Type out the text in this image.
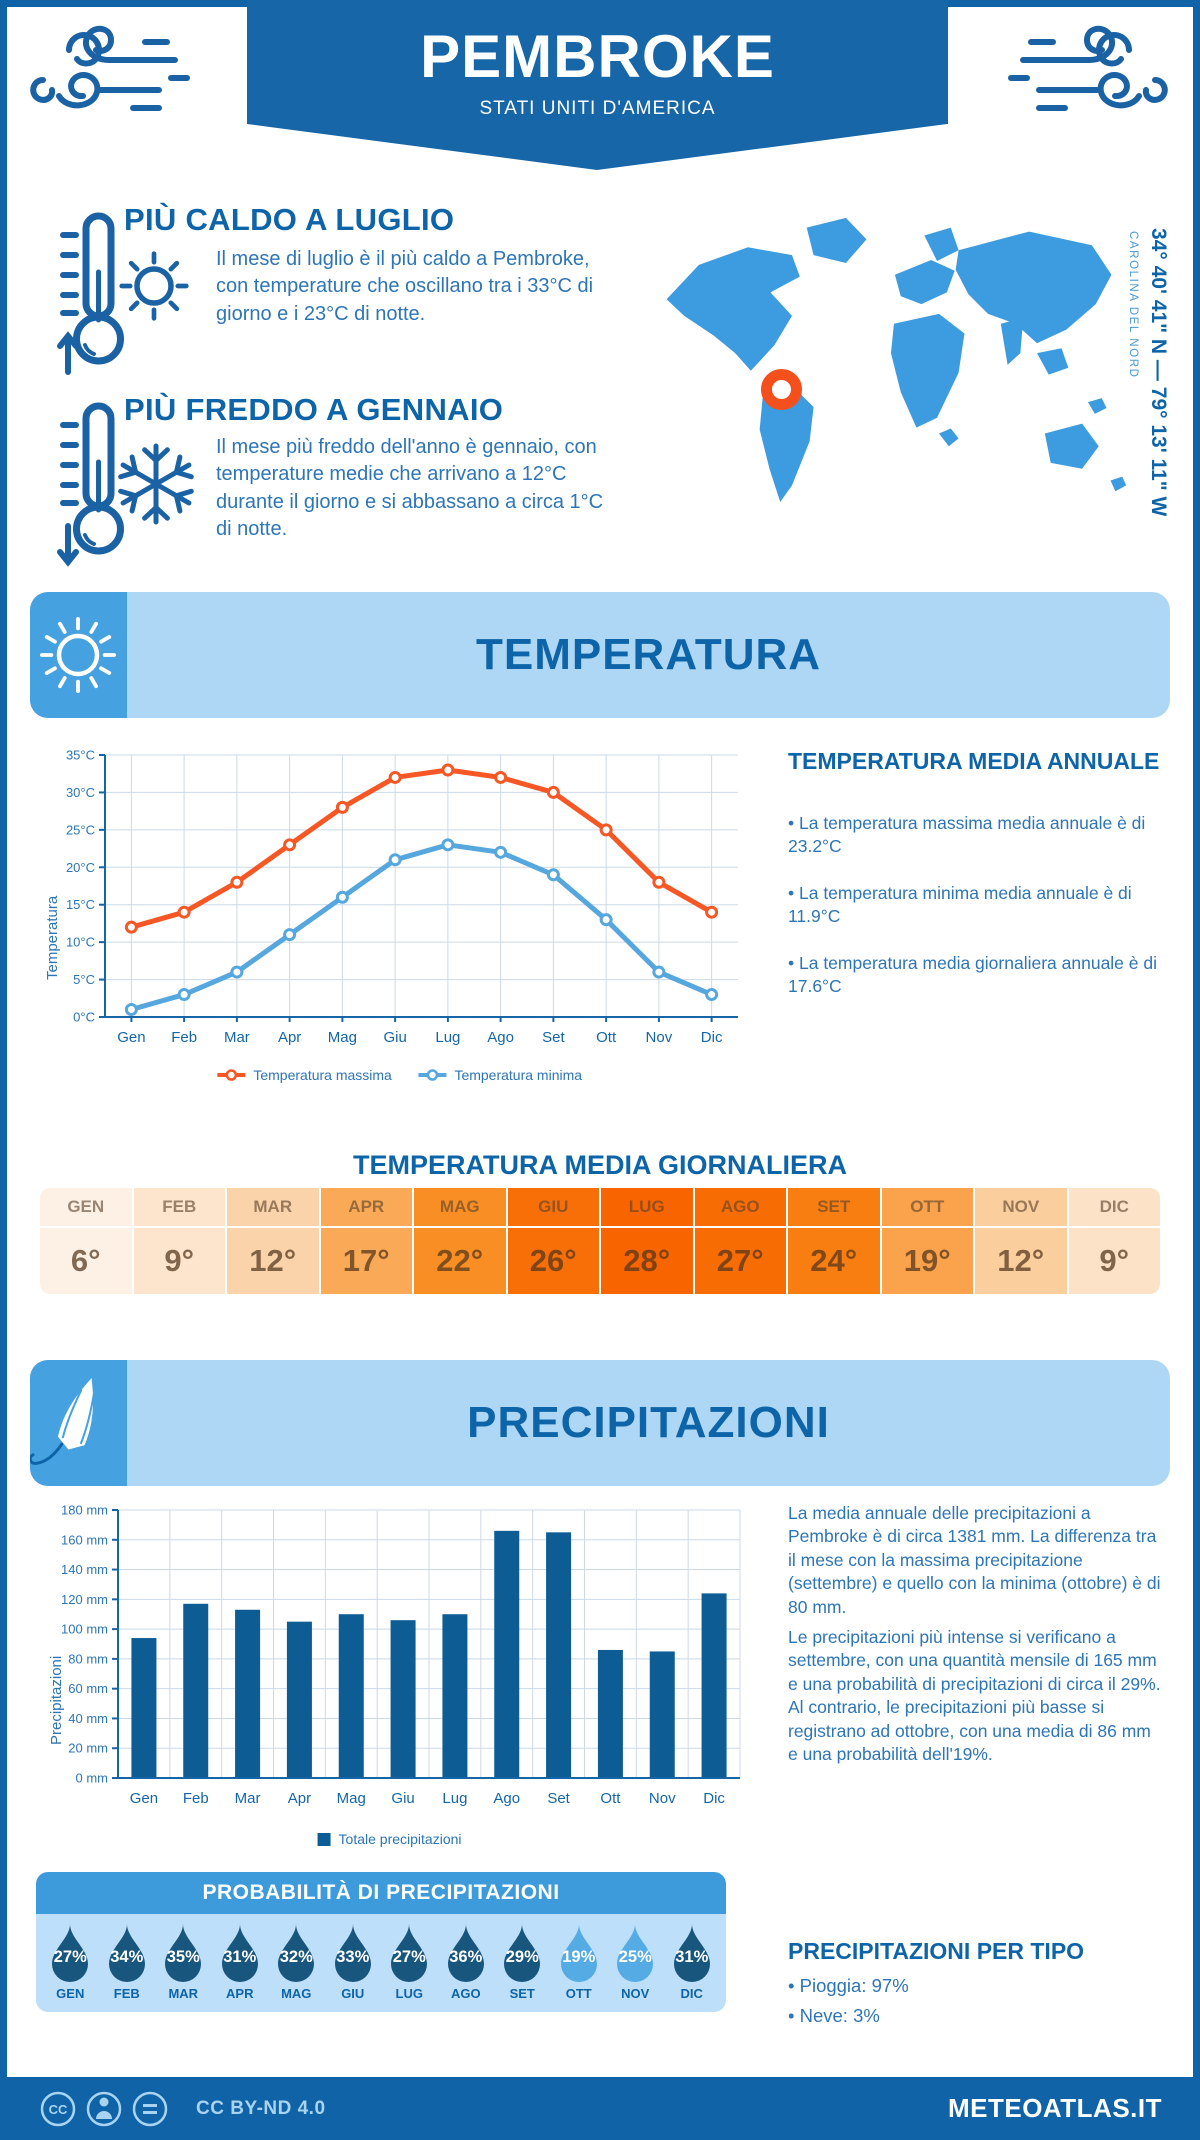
PEMBROKE
STATI UNITI D'AMERICA
PIÙ CALDO A LUGLIO
Il mese di luglio è il più caldo a Pembroke, con temperature che oscillano tra i 33°C di giorno e i 23°C di notte.
PIÙ FREDDO A GENNAIO
Il mese più freddo dell'anno è gennaio, con temperature medie che arrivano a 12°C durante il giorno e si abbassano a circa 1°C di notte.
34° 40' 41" N — 79° 13' 11" W
CAROLINA DEL NORD
TEMPERATURA
0°C
5°C
10°C
15°C
20°C
25°C
30°C
35°C
Gen Feb Mar Apr Mag Giu Lug Ago Set Ott Nov Dic
Temperatura massima	Temperatura minima
Temperatura
TEMPERATURA MEDIA ANNUALE
• La temperatura massima media annuale è di 23.2°C
• La temperatura minima media annuale è di 11.9°C
• La temperatura media giornaliera annuale è di 17.6°C
TEMPERATURA MEDIA GIORNALIERA
GEN
6°
FEB
9°
MAR
12°
APR
17°
MAG
22°
GIU
26°
LUG
28°
AGO
27°
SET
24°
OTT
19°
NOV
12°
DIC
9°
PRECIPITAZIONI
0 mm
20 mm
40 mm
60 mm
80 mm
100 mm
120 mm
140 mm
160 mm
180 mm
Gen Feb Mar Apr Mag Giu Lug Ago Set Ott Nov Dic
Totale precipitazioni
Precipitazioni
La media annuale delle precipitazioni a Pembroke è di circa 1381 mm. La differenza tra il mese con la massima precipitazione (settembre) e quello con la minima (ottobre) è di 80 mm.
Le precipitazioni più intense si verificano a settembre, con una quantità mensile di 165 mm e una probabilità di precipitazioni di circa il 29%. Al contrario, le precipitazioni più basse si registrano ad ottobre, con una media di 86 mm e una probabilità dell'19%.
PROBABILITÀ DI PRECIPITAZIONI
27%
GEN
34%
FEB
35%
MAR
31%
APR
32%
MAG
33%
GIU
27%
LUG
36%
AGO
29%
SET
19%
OTT
25%
NOV
31%
DIC
PRECIPITAZIONI PER TIPO
• Pioggia: 97%
• Neve: 3%
CC	CC BY-ND 4.0	METEOATLAS.IT
